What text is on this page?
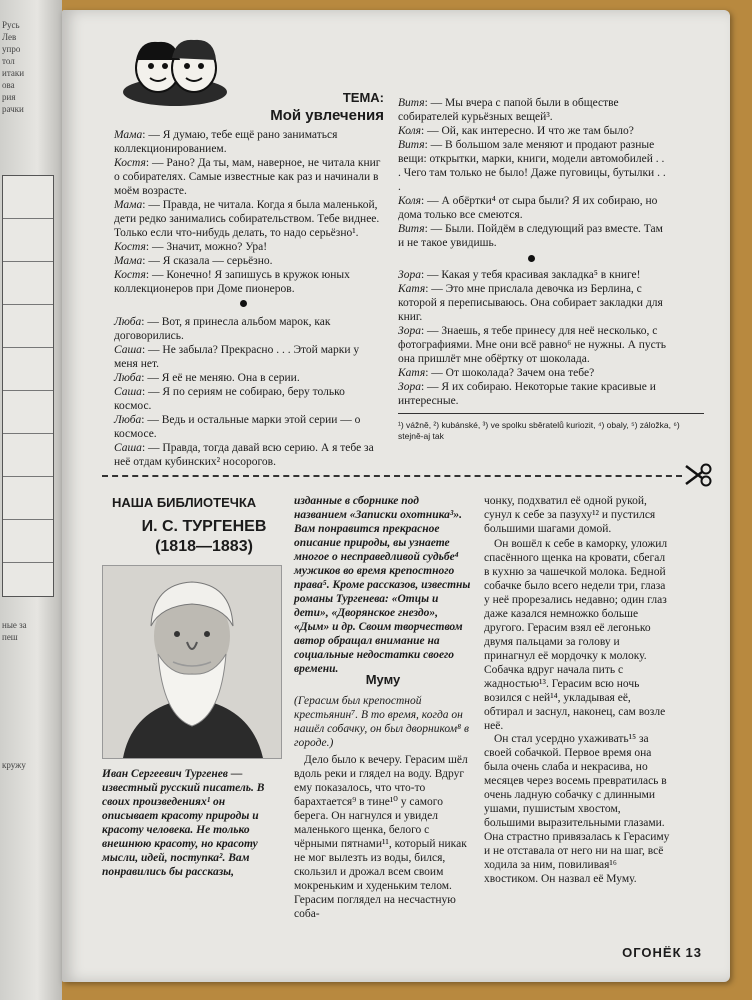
Русь
Лев
упро
тол
итаки
ова
рия
рачки
ные за
пеш
кружу
ТЕМА:
Мой увлечения

Мама: — Я думаю, тебе ещё рано заниматься коллекционированием.

Костя: — Рано? Да ты, мам, наверное, не читала книг о собирателях. Самые известные как раз и начинали в моём возрасте.

Мама: — Правда, не читала. Когда я была маленькой, дети редко занимались собирательством. Тебе виднее. Только если что-нибудь делать, то надо серьёзно¹.

Костя: — Значит, можно? Ура!

Мама: — Я сказала — серьёзно.

Костя: — Конечно! Я запишусь в кружок юных коллекционеров при Доме пионеров.

Люба: — Вот, я принесла альбом марок, как договорились.

Саша: — Не забыла? Прекрасно . . . Этой марки у меня нет.

Люба: — Я её не меняю. Она в серии.

Саша: — Я по сериям не собираю, беру только космос.

Люба: — Ведь и остальные марки этой серии — о космосе.

Саша: — Правда, тогда давай всю серию. А я тебе за неё отдам кубинских² носорогов.

Витя: — Мы вчера с папой были в обществе собирателей курьёзных вещей³.

Коля: — Ой, как интересно. И что же там было?

Витя: — В большом зале меняют и продают разные вещи: открытки, марки, книги, модели автомобилей . . . Чего там только не было! Даже пуговицы, бутылки . . .

Коля: — А обёртки⁴ от сыра были? Я их собираю, но дома только все смеются.

Витя: — Были. Пойдём в следующий раз вместе. Там и не такое увидишь.

Зора: — Какая у тебя красивая закладка⁵ в книге!

Катя: — Это мне прислала девочка из Берлина, с которой я переписываюсь. Она собирает закладки для книг.

Зора: — Знаешь, я тебе принесу для неё несколько, с фотографиями. Мне они всё равно⁶ не нужны. А пусть она пришлёт мне обёртку от шоколада.

Катя: — От шоколада? Зачем она тебе?

Зора: — Я их собираю. Некоторые такие красивые и интересные.

¹) vážně, ²) kubánské, ³) ve spolku sběratelů kuriozit, ⁴) obaly, ⁵) záložka, ⁶) stejně-aj tak
НАША БИБЛИОТЕЧКА
И. С. ТУРГЕНЕВ
(1818—1883)
Иван Сергеевич Тургенев — известный русский писатель. В своих произведениях¹ он описывает красоту природы и красоту человека. Не только внешнюю красоту, но красоту мысли, идей, поступка². Вам понравились бы рассказы,
изданные в сборнике под названием «Записки охотника³». Вам понравится прекрасное описание природы, вы узнаете многое о несправедливой судьбе⁴ мужиков во время крепостного права⁵. Кроме рассказов, известны романы Тургенева: «Отцы и дети», «Дворянское гнездо», «Дым» и др. Своим творчеством автор обращал внимание на социальные недостатки своего времени.
Муму
(Герасим был крепостной крестьянин⁷. В то время, когда он нашёл собачку, он был дворником⁸ в городе.)
Дело было к вечеру. Герасим шёл вдоль реки и глядел на воду. Вдруг ему показалось, что что-то барахтается⁹ в тине¹⁰ у самого берега. Он нагнулся и увидел маленького щенка, белого с чёрными пятнами¹¹, который никак не мог вылезть из воды, бился, скользил и дрожал всем своим мокреньким и худеньким телом. Герасим поглядел на несчастную соба-
чонку, подхватил её одной рукой, сунул к себе за пазуху¹² и пустился большими шагами домой.
Он вошёл к себе в каморку, уложил спасённого щенка на кровати, сбегал в кухню за чашечкой молока. Бедной собачке было всего недели три, глаза у неё прорезались недавно; один глаз даже казался немножко больше другого. Герасим взял её легонько двумя пальцами за голову и принагнул её мордочку к молоку. Собачка вдруг начала пить с жадностью¹³. Герасим всю ночь возился с ней¹⁴, укладывая её, обтирал и заснул, наконец, сам возле неё.
Он стал усердно ухаживать¹⁵ за своей собачкой. Первое время она была очень слаба и некрасива, но месяцев через восемь превратилась в очень ладную собачку с длинными ушами, пушистым хвостом, большими выразительными глазами. Она страстно привязалась к Герасиму и не отставала от него ни на шаг, всё ходила за ним, повиливая¹⁶ хвостиком. Он назвал её Муму.
ОГОНЁК 13
